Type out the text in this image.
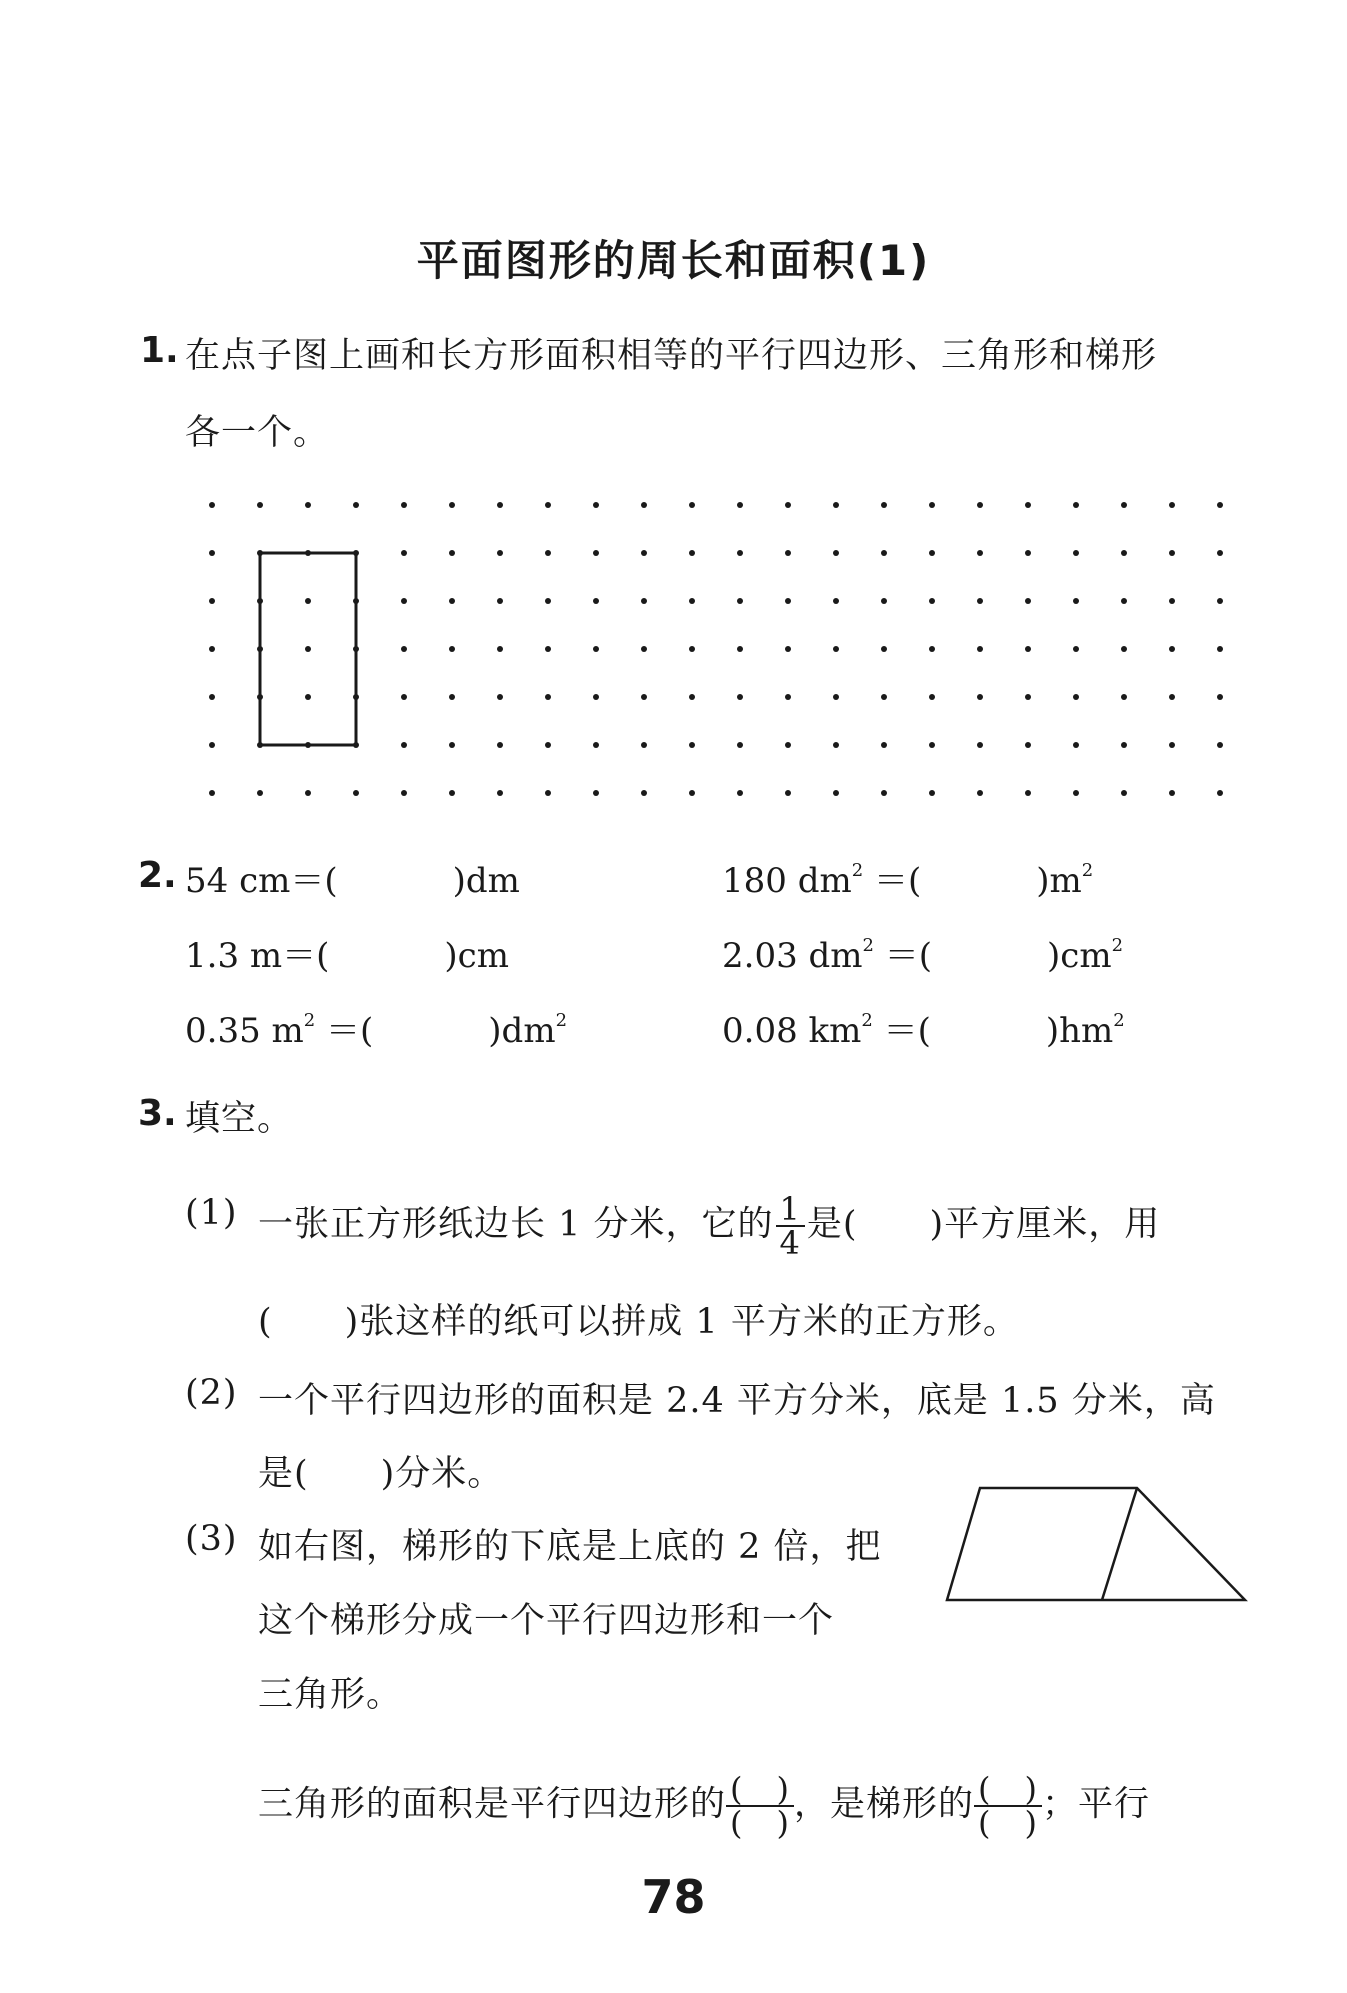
平面图形的周长和面积(1)
1. 在点子图上画和长方形面积相等的平行四边形、三角形和梯形
各一个。
2. 54 cm＝(	)dm	180 $dm^2$ ＝(	)$m^2$
1.3 m＝(	)cm	2.03 $dm^2$ ＝(	)$cm^2$
0.35 $m^2$ ＝(	)$dm^2$	0.08 $km^2$ ＝(	)$hm^2$
3. 填空。
(1) 一张正方形纸边长 1 分米，它的 $\frac{1}{4}$ 是(　　)平方厘米，用
(　　)张这样的纸可以拼成 1 平方米的正方形。
(2) 一个平行四边形的面积是 2.4 平方分米，底是 1.5 分米，高
是(　　)分米。
(3) 如右图，梯形的下底是上底的 2 倍，把
这个梯形分成一个平行四边形和一个
三角形。
三角形的面积是平行四边形的 $\frac{( )}{( )}$ ，是梯形的 $\frac{( )}{( )}$ ；平行
78
